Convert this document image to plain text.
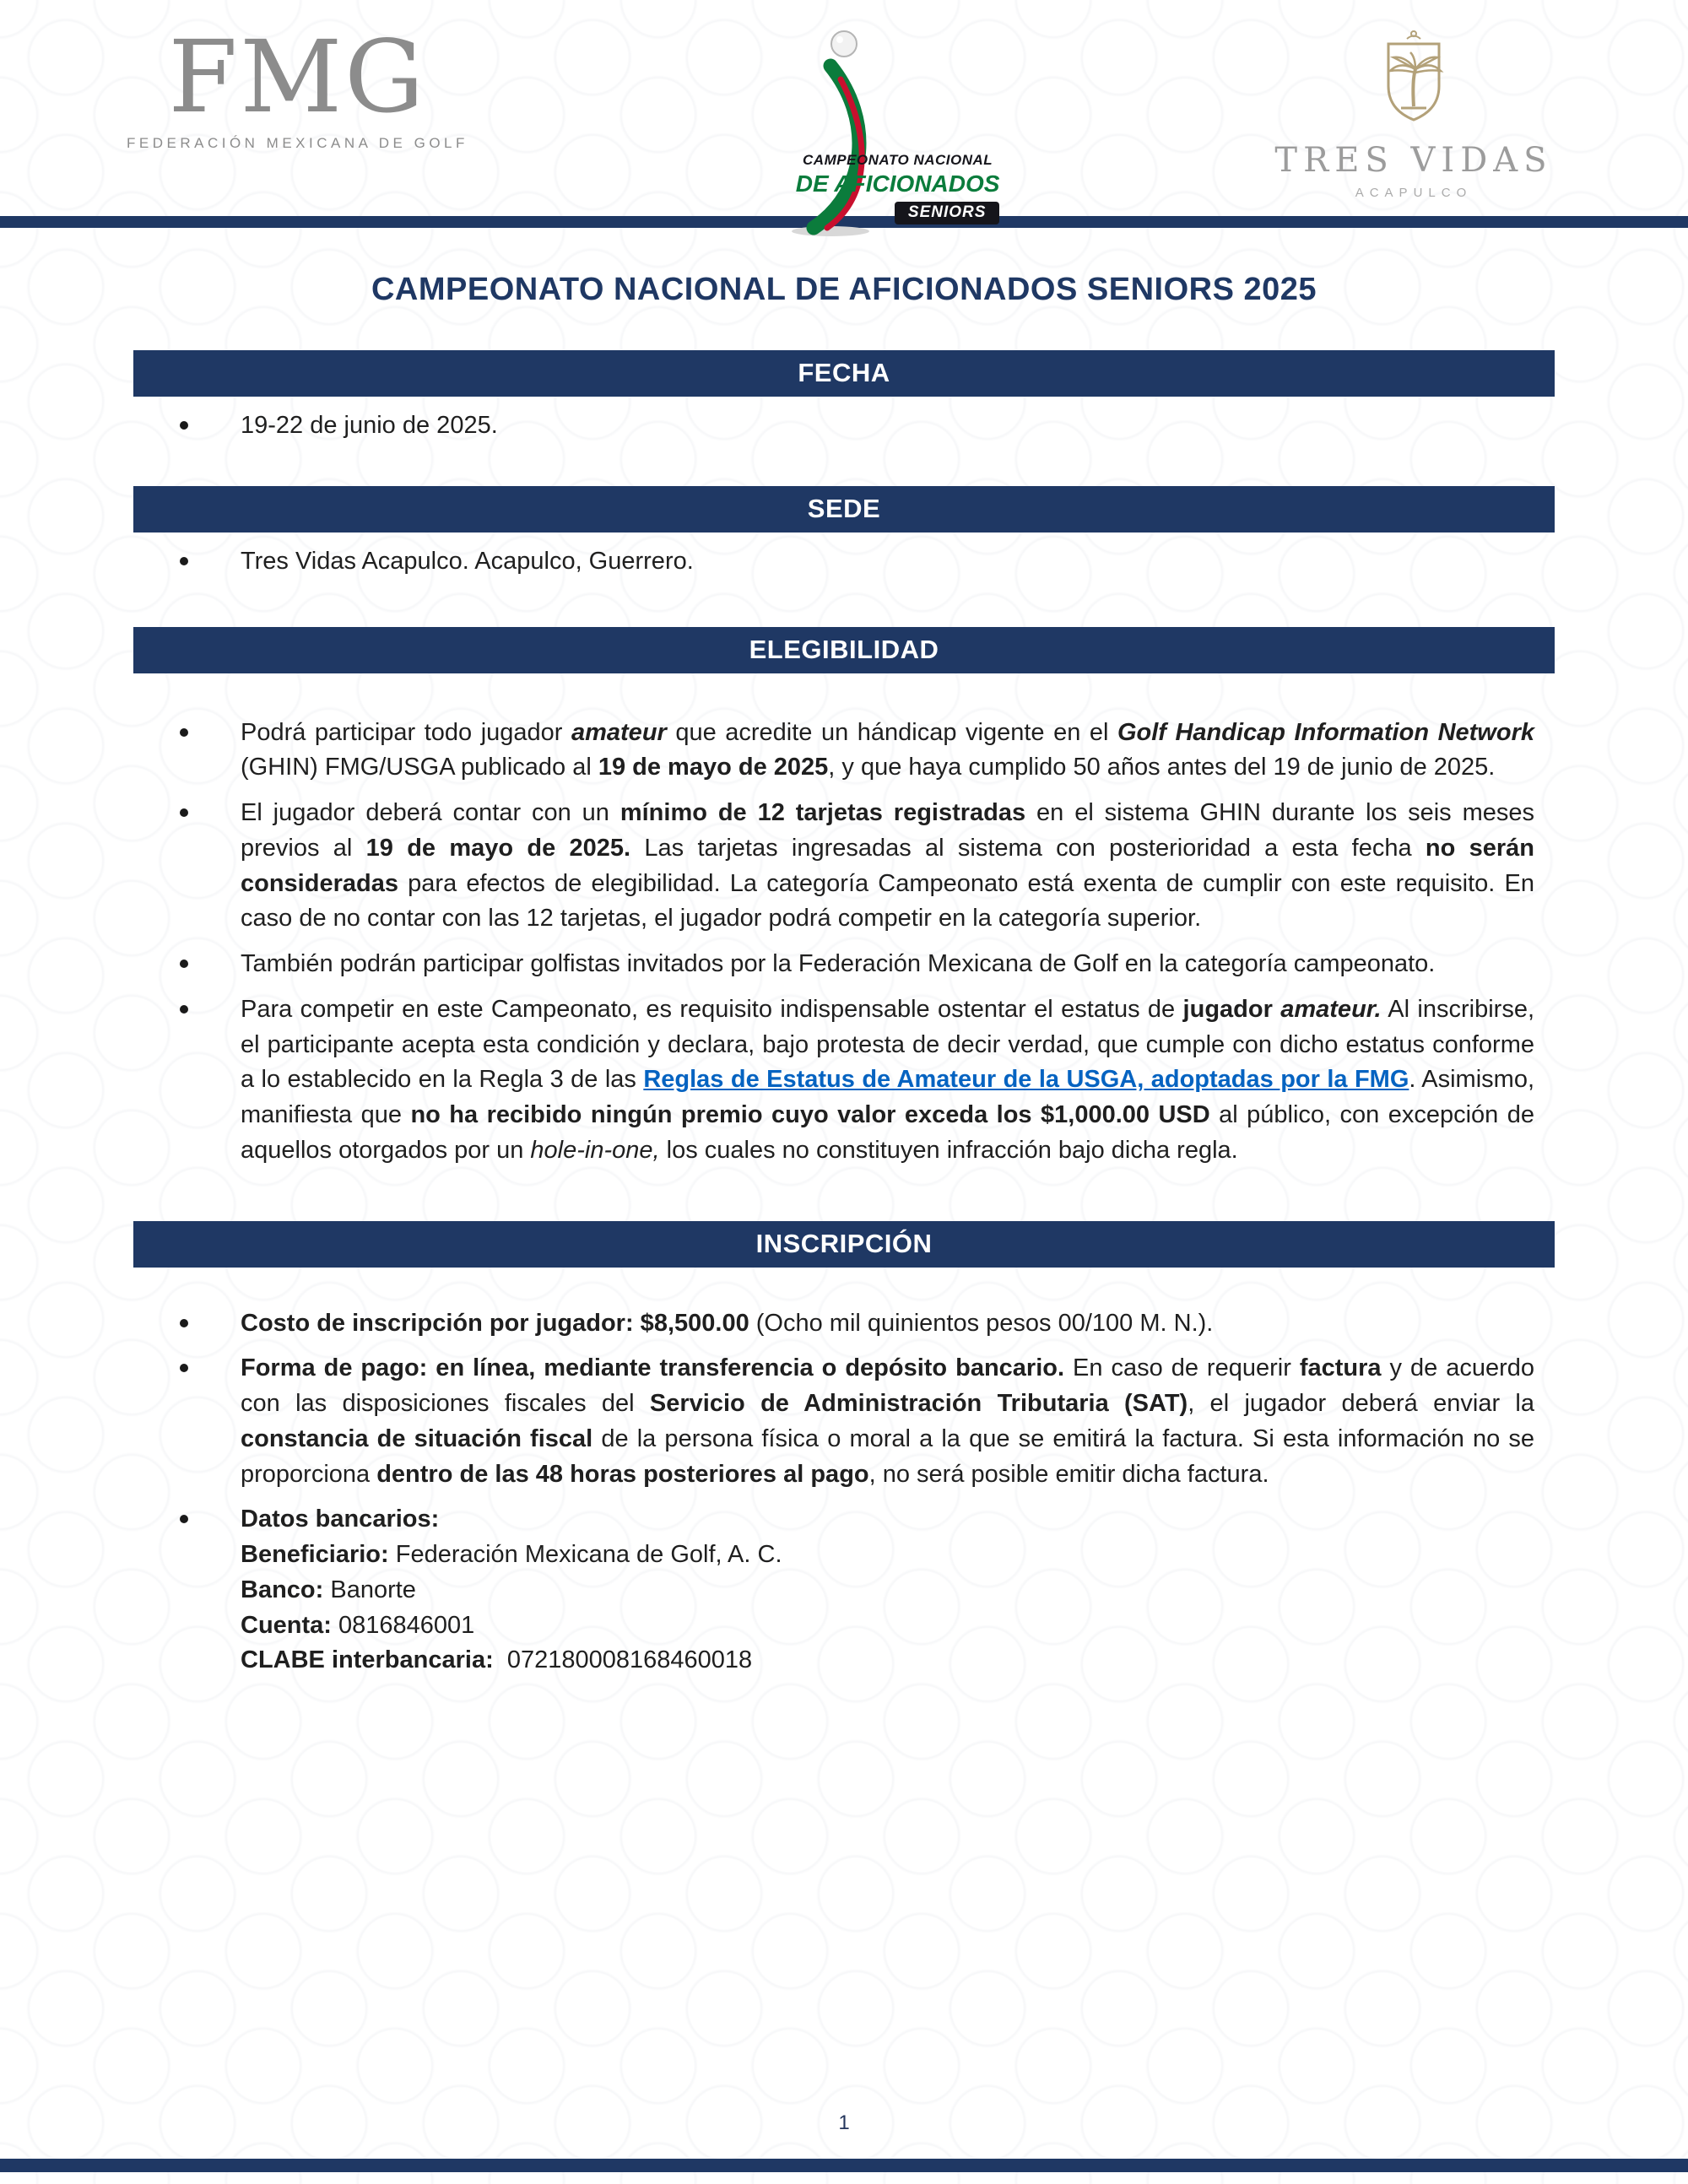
FMG
FEDERACIÓN MEXICANA DE GOLF
CAMPEONATO NACIONAL
DE AFICIONADOS
SENIORS
TRES VIDAS
ACAPULCO
CAMPEONATO NACIONAL DE AFICIONADOS SENIORS 2025
FECHA
19-22 de junio de 2025.
SEDE
Tres Vidas Acapulco. Acapulco, Guerrero.
ELEGIBILIDAD
Podrá participar todo jugador amateur que acredite un hándicap vigente en el Golf Handicap Information Network (GHIN) FMG/USGA publicado al 19 de mayo de 2025, y que haya cumplido 50 años antes del 19 de junio de 2025.
El jugador deberá contar con un mínimo de 12 tarjetas registradas en el sistema GHIN durante los seis meses previos al 19 de mayo de 2025. Las tarjetas ingresadas al sistema con posterioridad a esta fecha no serán consideradas para efectos de elegibilidad. La categoría Campeonato está exenta de cumplir con este requisito. En caso de no contar con las 12 tarjetas, el jugador podrá competir en la categoría superior.
También podrán participar golfistas invitados por la Federación Mexicana de Golf en la categoría campeonato.
Para competir en este Campeonato, es requisito indispensable ostentar el estatus de jugador amateur. Al inscribirse, el participante acepta esta condición y declara, bajo protesta de decir verdad, que cumple con dicho estatus conforme a lo establecido en la Regla 3 de las Reglas de Estatus de Amateur de la USGA, adoptadas por la FMG. Asimismo, manifiesta que no ha recibido ningún premio cuyo valor exceda los $1,000.00 USD al público, con excepción de aquellos otorgados por un hole-in-one, los cuales no constituyen infracción bajo dicha regla.
INSCRIPCIÓN
Costo de inscripción por jugador: $8,500.00 (Ocho mil quinientos pesos 00/100 M. N.).
Forma de pago: en línea, mediante transferencia o depósito bancario. En caso de requerir factura y de acuerdo con las disposiciones fiscales del Servicio de Administración Tributaria (SAT), el jugador deberá enviar la constancia de situación fiscal de la persona física o moral a la que se emitirá la factura. Si esta información no se proporciona dentro de las 48 horas posteriores al pago, no será posible emitir dicha factura.
Datos bancarios:
Beneficiario: Federación Mexicana de Golf, A. C.
Banco: Banorte
Cuenta: 0816846001
CLABE interbancaria:  072180008168460018
1
